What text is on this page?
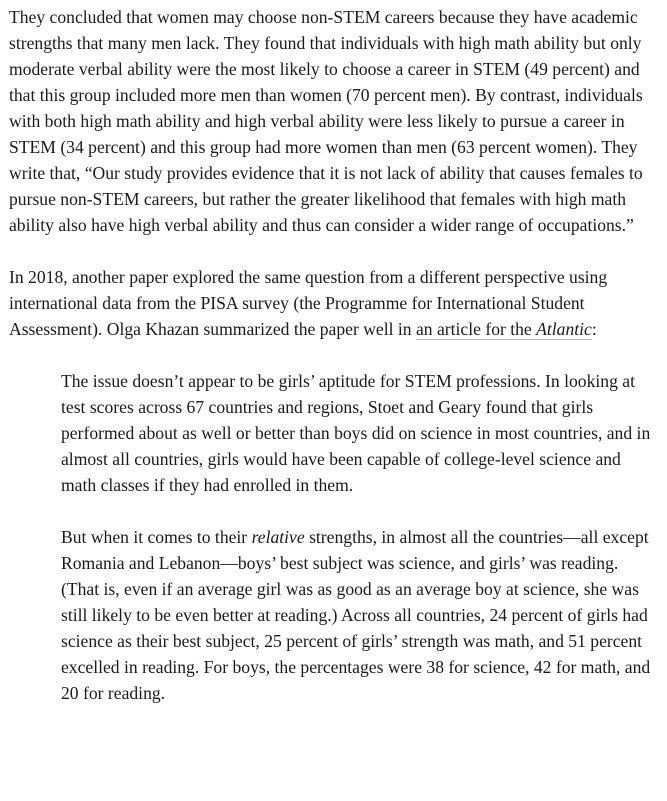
They concluded that women may choose non-STEM careers because they have academic strengths that many men lack. They found that individuals with high math ability but only moderate verbal ability were the most likely to choose a career in STEM (49 percent) and that this group included more men than women (70 percent men). By contrast, individuals with both high math ability and high verbal ability were less likely to pursue a career in STEM (34 percent) and this group had more women than men (63 percent women). They write that, “Our study provides evidence that it is not lack of ability that causes females to pursue non-STEM careers, but rather the greater likelihood that females with high math ability also have high verbal ability and thus can consider a wider range of occupations.”

In 2018, another paper explored the same question from a different perspective using international data from the PISA survey (the Programme for International Student Assessment). Olga Khazan summarized the paper well in an article for the Atlantic:

The issue doesn’t appear to be girls’ aptitude for STEM professions. In looking at test scores across 67 countries and regions, Stoet and Geary found that girls performed about as well or better than boys did on science in most countries, and in almost all countries, girls would have been capable of college-level science and math classes if they had enrolled in them.

But when it comes to their relative strengths, in almost all the countries—all except Romania and Lebanon—boys’ best subject was science, and girls’ was reading. (That is, even if an average girl was as good as an average boy at science, she was still likely to be even better at reading.) Across all countries, 24 percent of girls had science as their best subject, 25 percent of girls’ strength was math, and 51 percent excelled in reading. For boys, the percentages were 38 for science, 42 for math, and 20 for reading.
